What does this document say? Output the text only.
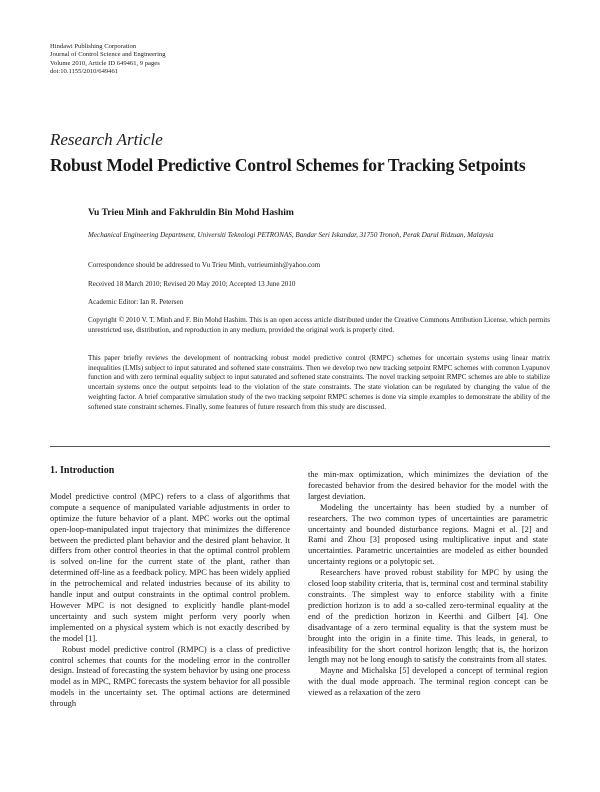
Hindawi Publishing Corporation
Journal of Control Science and Engineering
Volume 2010, Article ID 649461, 9 pages
doi:10.1155/2010/649461
Research Article
Robust Model Predictive Control Schemes for Tracking Setpoints
Vu Trieu Minh and Fakhruldin Bin Mohd Hashim
Mechanical Engineering Department, Universiti Teknologi PETRONAS, Bandar Seri Iskandar, 31750 Tronoh, Perak Darul Ridzuan, Malaysia
Correspondence should be addressed to Vu Trieu Minh, vutrieuminh@yahoo.com
Received 18 March 2010; Revised 20 May 2010; Accepted 13 June 2010
Academic Editor: Ian R. Petersen
Copyright © 2010 V. T. Minh and F. Bin Mohd Hashim. This is an open access article distributed under the Creative Commons Attribution License, which permits unrestricted use, distribution, and reproduction in any medium, provided the original work is properly cited.
This paper briefly reviews the development of nontracking robust model predictive control (RMPC) schemes for uncertain systems using linear matrix inequalities (LMIs) subject to input saturated and softened state constraints. Then we develop two new tracking setpoint RMPC schemes with common Lyapunov function and with zero terminal equality subject to input saturated and softened state constraints. The novel tracking setpoint RMPC schemes are able to stabilize uncertain systems once the output setpoints lead to the violation of the state constraints. The state violation can be regulated by changing the value of the weighting factor. A brief comparative simulation study of the two tracking setpoint RMPC schemes is done via simple examples to demonstrate the ability of the softened state constraint schemes. Finally, some features of future research from this study are discussed.
1. Introduction

Model predictive control (MPC) refers to a class of algorithms that compute a sequence of manipulated variable adjustments in order to optimize the future behavior of a plant. MPC works out the optimal open-loop-manipulated input trajectory that minimizes the difference between the predicted plant behavior and the desired plant behavior. It differs from other control theories in that the optimal control problem is solved on-line for the current state of the plant, rather than determined off-line as a feedback policy. MPC has been widely applied in the petrochemical and related industries because of its ability to handle input and output constraints in the optimal control problem. However MPC is not designed to explicitly handle plant-model uncertainty and such system might perform very poorly when implemented on a physical system which is not exactly described by the model [1].

Robust model predictive control (RMPC) is a class of predictive control schemes that counts for the modeling error in the controller design. Instead of forecasting the system behavior by using one process model as in MPC, RMPC forecasts the system behavior for all possible models in the uncertainty set. The optimal actions are determined through

the min-max optimization, which minimizes the deviation of the forecasted behavior from the desired behavior for the model with the largest deviation.

Modeling the uncertainty has been studied by a number of researchers. The two common types of uncertainties are parametric uncertainty and bounded disturbance regions. Magni et al. [2] and Rami and Zhou [3] proposed using multiplicative input and state uncertainties. Parametric uncertainties are modeled as either bounded uncertainty regions or a polytopic set.

Researchers have proved robust stability for MPC by using the closed loop stability criteria, that is, terminal cost and terminal stability constraints. The simplest way to enforce stability with a finite prediction horizon is to add a so-called zero-terminal equality at the end of the prediction horizon in Keerthi and Gilbert [4]. One disadvantage of a zero terminal equality is that the system must be brought into the origin in a finite time. This leads, in general, to infeasibility for the short control horizon length; that is, the horizon length may not be long enough to satisfy the constraints from all states.

Mayne and Michalska [5] developed a concept of terminal region with the dual mode approach. The terminal region concept can be viewed as a relaxation of the zero
